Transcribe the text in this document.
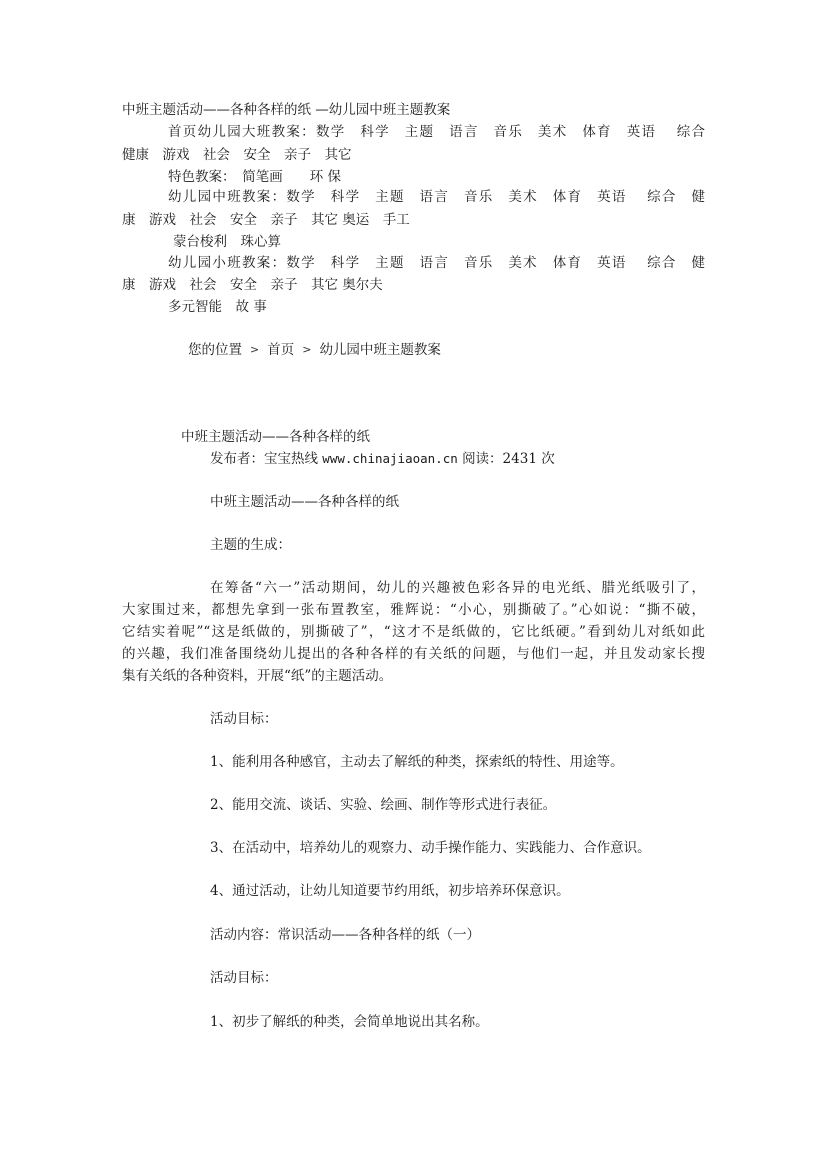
中班主题活动——各种各样的纸 —幼儿园中班主题教案
首页幼儿园大班教案：数学　科学　主题　语言　音乐　美术　体育　英语　 综合
健康　游戏　社会　安全　亲子　其它
特色教案：　简笔画　　环 保
幼儿园中班教案：数学　科学　主题　语言　音乐　美术　体育　英语　 综合　健
康　游戏　社会　安全　亲子　其它 奥运　手工
蒙台梭利　珠心算
幼儿园小班教案：数学　科学　主题　语言　音乐　美术　体育　英语　 综合　健
康　游戏　社会　安全　亲子　其它 奥尔夫
多元智能　故 事
您的位置 > 首页 > 幼儿园中班主题教案
中班主题活动——各种各样的纸
发布者：宝宝热线 www.chinajiaoan.cn 阅读：2431 次
中班主题活动——各种各样的纸
主题的生成：
在筹备“六一”活动期间，幼儿的兴趣被色彩各异的电光纸、腊光纸吸引了，
大家围过来，都想先拿到一张布置教室，雅辉说：“小心，别撕破了。”心如说：“撕不破，
它结实着呢”“这是纸做的，别撕破了”，“这才不是纸做的，它比纸硬。”看到幼儿对纸如此
的兴趣，我们准备围绕幼儿提出的各种各样的有关纸的问题，与他们一起，并且发动家长搜
集有关纸的各种资料，开展“纸”的主题活动。
活动目标：
1、能利用各种感官，主动去了解纸的种类，探索纸的特性、用途等。
2、能用交流、谈话、实验、绘画、制作等形式进行表征。
3、在活动中，培养幼儿的观察力、动手操作能力、实践能力、合作意识。
4、通过活动，让幼儿知道要节约用纸，初步培养环保意识。
活动内容：常识活动——各种各样的纸（一）
活动目标：
1、初步了解纸的种类，会简单地说出其名称。
